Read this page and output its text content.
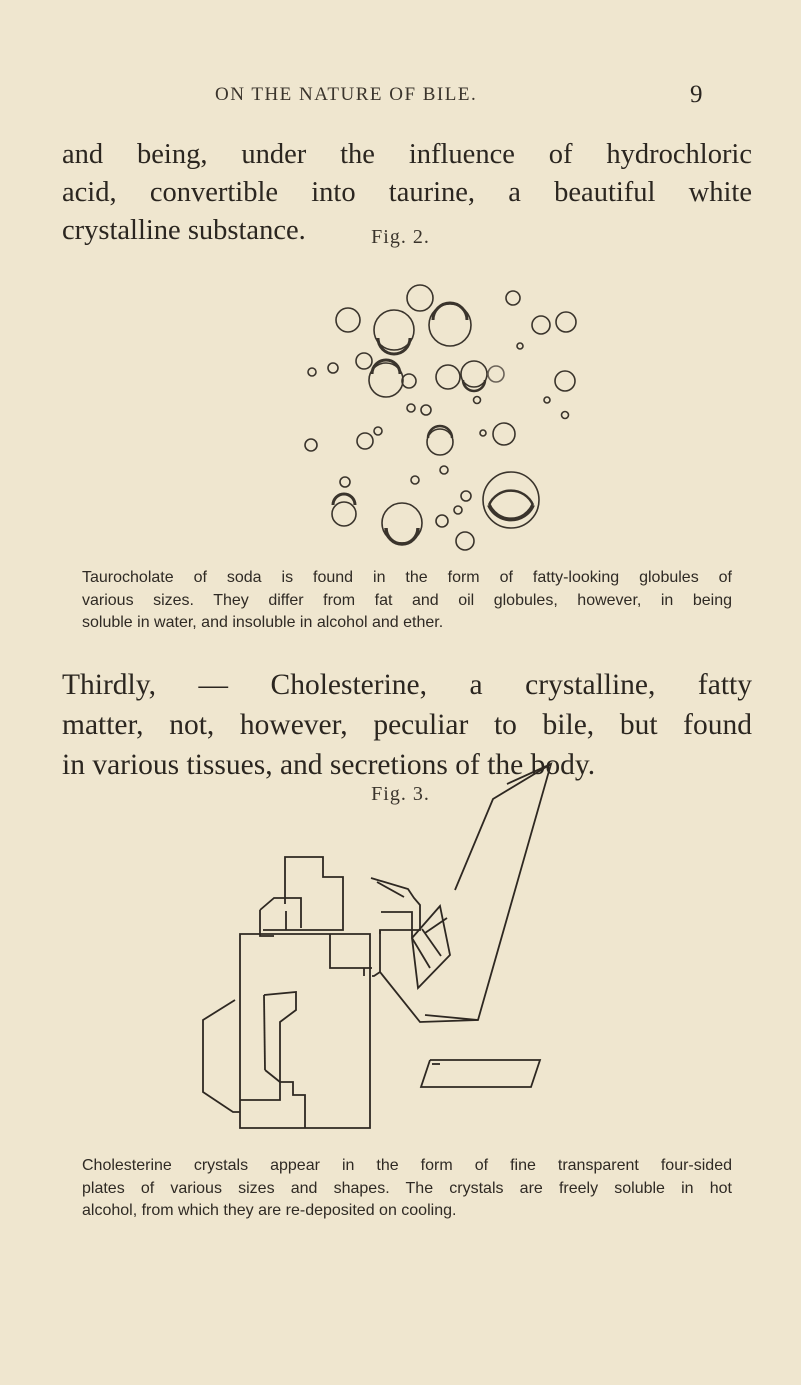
ON THE NATURE OF BILE.	9
and being, under the influence of hydrochloric
acid, convertible into taurine, a beautiful white
crystalline substance.	Fig. 2.
Taurocholate of soda is found in the form of fatty-looking globules of
various sizes. They differ from fat and oil globules, however, in being
soluble in water, and insoluble in alcohol and ether.
Thirdly, — Cholesterine, a crystalline, fatty
matter, not, however, peculiar to bile, but found
in various tissues, and secretions of the body.
Fig. 3.
Cholesterine crystals appear in the form of fine transparent four-sided
plates of various sizes and shapes. The crystals are freely soluble in hot
alcohol, from which they are re-deposited on cooling.
